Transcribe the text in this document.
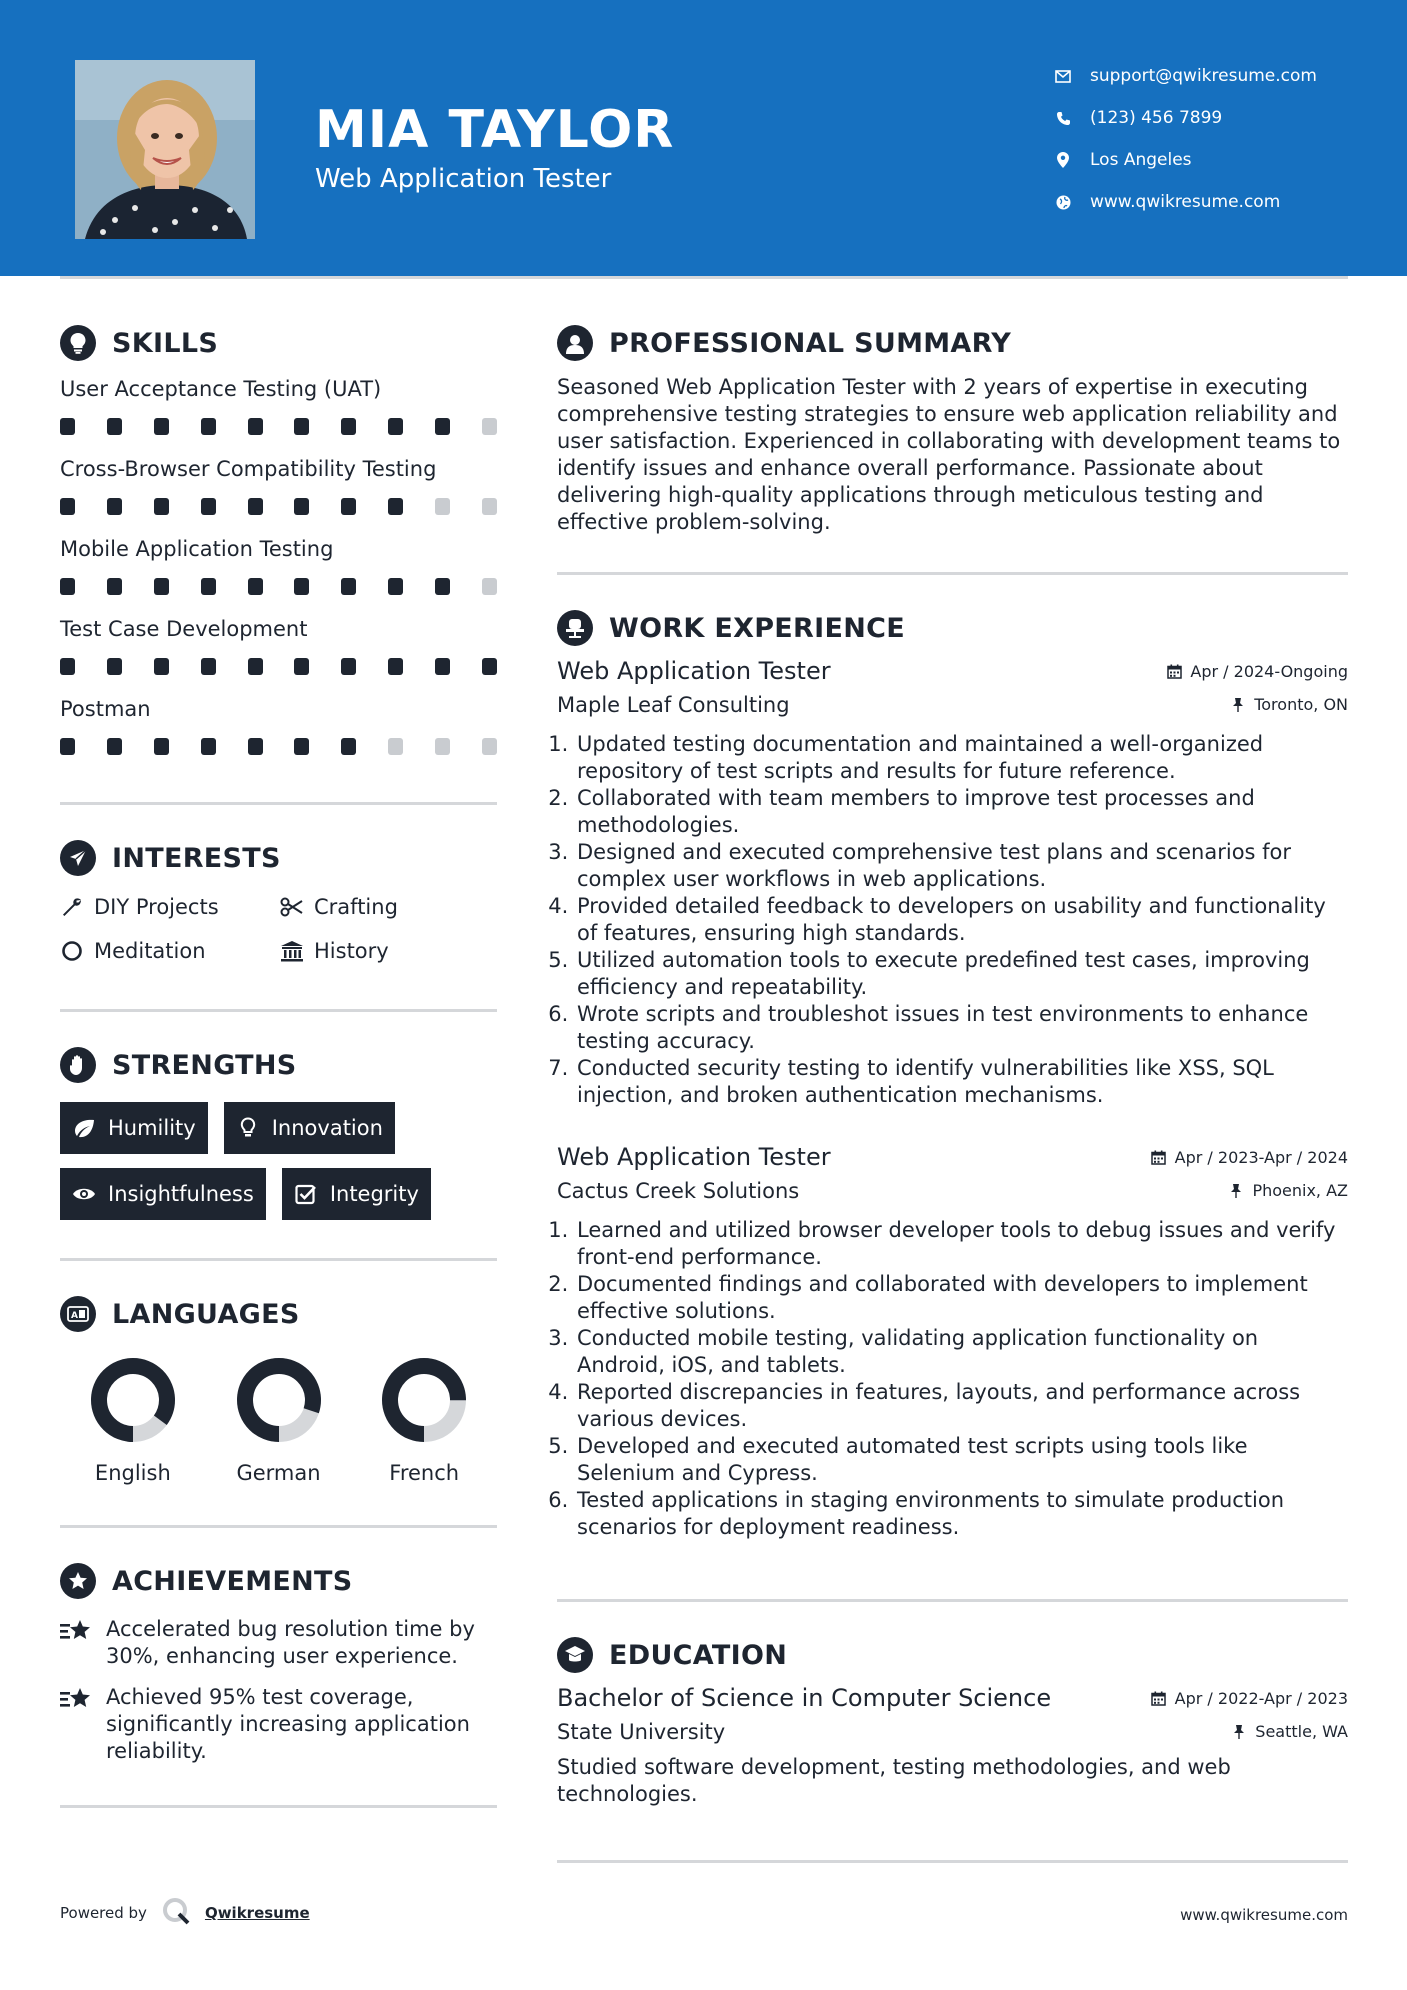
MIA TAYLOR
Web Application Tester
support@qwikresume.com
(123) 456 7899
Los Angeles
www.qwikresume.com
SKILLS
User Acceptance Testing (UAT)
Cross-Browser Compatibility Testing
Mobile Application Testing
Test Case Development
Postman
INTERESTS
DIY Projects	Crafting
Meditation	History
STRENGTHS
Humility	Innovation
Insightfulness	Integrity
A LANGUAGES
English	German	French
ACHIEVEMENTS
Accelerated bug resolution time by 30%, enhancing user experience.
Achieved 95% test coverage, significantly increasing application reliability.
PROFESSIONAL SUMMARY
Seasoned Web Application Tester with 2 years of expertise in executing comprehensive testing strategies to ensure web application reliability and user satisfaction. Experienced in collaborating with development teams to identify issues and enhance overall performance. Passionate about delivering high-quality applications through meticulous testing and effective problem-solving.
WORK EXPERIENCE
Web Application Tester	Apr / 2024-Ongoing
Maple Leaf Consulting	Toronto, ON
1. Updated testing documentation and maintained a well-organized repository of test scripts and results for future reference.
2. Collaborated with team members to improve test processes and methodologies.
3. Designed and executed comprehensive test plans and scenarios for complex user workflows in web applications.
4. Provided detailed feedback to developers on usability and functionality of features, ensuring high standards.
5. Utilized automation tools to execute predefined test cases, improving efficiency and repeatability.
6. Wrote scripts and troubleshot issues in test environments to enhance testing accuracy.
7. Conducted security testing to identify vulnerabilities like XSS, SQL injection, and broken authentication mechanisms.
Web Application Tester	Apr / 2023-Apr / 2024
Cactus Creek Solutions	Phoenix, AZ
1. Learned and utilized browser developer tools to debug issues and verify front-end performance.
2. Documented findings and collaborated with developers to implement effective solutions.
3. Conducted mobile testing, validating application functionality on Android, iOS, and tablets.
4. Reported discrepancies in features, layouts, and performance across various devices.
5. Developed and executed automated test scripts using tools like Selenium and Cypress.
6. Tested applications in staging environments to simulate production scenarios for deployment readiness.
EDUCATION
Bachelor of Science in Computer Science	Apr / 2022-Apr / 2023
State University	Seattle, WA
Studied software development, testing methodologies, and web technologies.
Powered by	Qwikresume	www.qwikresume.com
